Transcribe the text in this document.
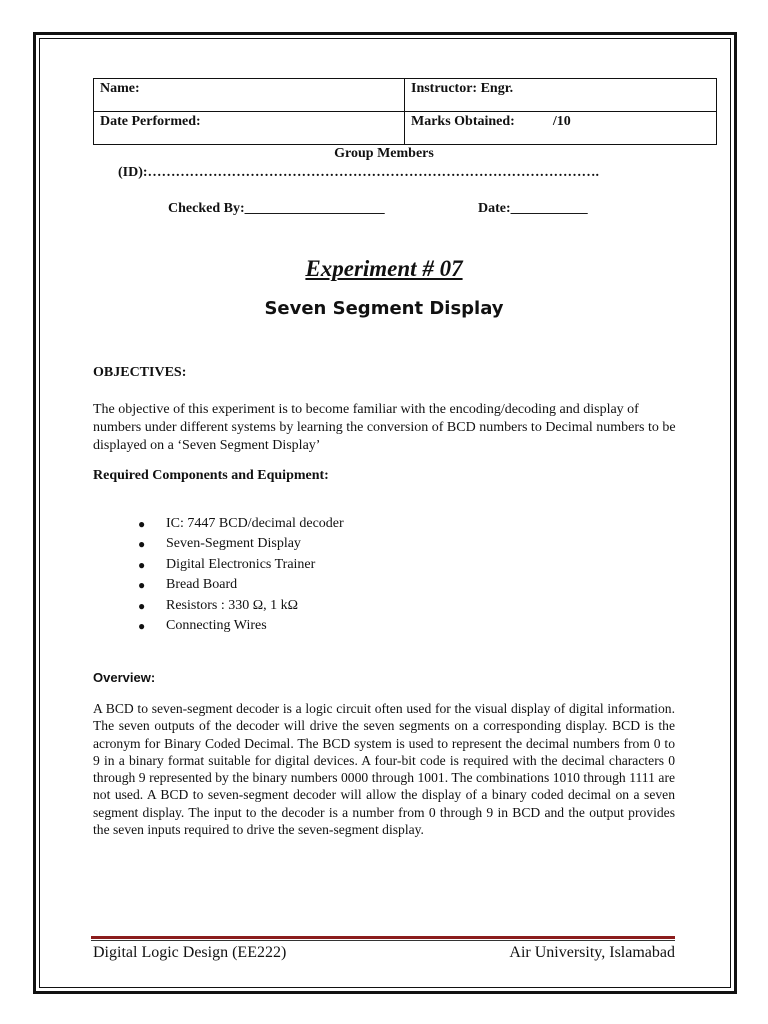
Name:	Instructor: Engr.
Date Performed:	Marks Obtained: /10
Group Members
(ID):…………………………………………………………………………………….
Checked By:____________________	Date:___________
Experiment # 07
Seven Segment Display
OBJECTIVES:
The objective of this experiment is to become familiar with the encoding/decoding and display of numbers under different systems by learning the conversion of BCD numbers to Decimal numbers to be displayed on a ‘Seven Segment Display’
Required Components and Equipment:
● IC: 7447 BCD/decimal decoder
● Seven-Segment Display
● Digital Electronics Trainer
● Bread Board
● Resistors : 330 Ω, 1 kΩ
● Connecting Wires
Overview:
A BCD to seven-segment decoder is a logic circuit often used for the visual display of digital information. The seven outputs of the decoder will drive the seven segments on a corresponding display. BCD is the acronym for Binary Coded Decimal. The BCD system is used to represent the decimal numbers from 0 to 9 in a binary format suitable for digital devices. A four-bit code is required with the decimal characters 0 through 9 represented by the binary numbers 0000 through 1001. The combinations 1010 through 1111 are not used. A BCD to seven-segment decoder will allow the display of a binary coded decimal on a seven segment display. The input to the decoder is a number from 0 through 9 in BCD and the output provides the seven inputs required to drive the seven-segment display.
Digital Logic Design (EE222)	Air University, Islamabad
